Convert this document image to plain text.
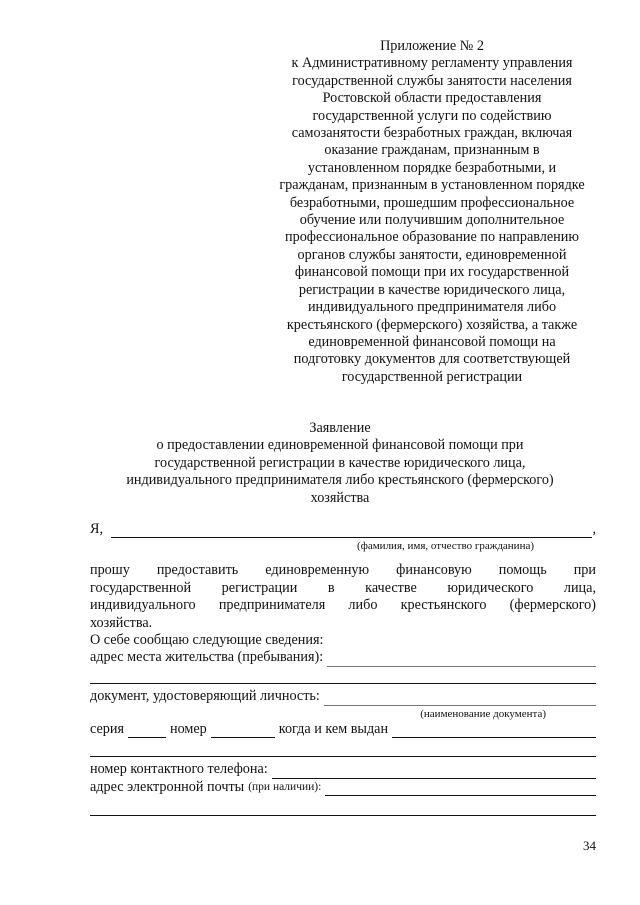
Приложение № 2
к Административному регламенту управления
государственной службы занятости населения
Ростовской области предоставления
государственной услуги по содействию
самозанятости безработных граждан, включая
оказание гражданам, признанным в
установленном порядке безработными, и
гражданам, признанным в установленном порядке
безработными, прошедшим профессиональное
обучение или получившим дополнительное
профессиональное образование по направлению
органов службы занятости, единовременной
финансовой помощи при их государственной
регистрации в качестве юридического лица,
индивидуального предпринимателя либо
крестьянского (фермерского) хозяйства, а также
единовременной финансовой помощи на
подготовку документов для соответствующей
государственной регистрации
Заявление
о предоставлении единовременной финансовой помощи при
государственной регистрации в качестве юридического лица,
индивидуального предпринимателя либо крестьянского (фермерского)
хозяйства
Я,	,
(фамилия, имя, отчество гражданина)
прошу предоставить единовременную финансовую помощь при
государственной регистрации в качестве юридического лица,
индивидуального предпринимателя либо крестьянского (фермерского)
хозяйства.
О себе сообщаю следующие сведения:
адрес места жительства (пребывания):
документ, удостоверяющий личность:
(наименование документа)
серия	номер	когда и кем выдан
номер контактного телефона:
адрес электронной почты (при наличии):
34
